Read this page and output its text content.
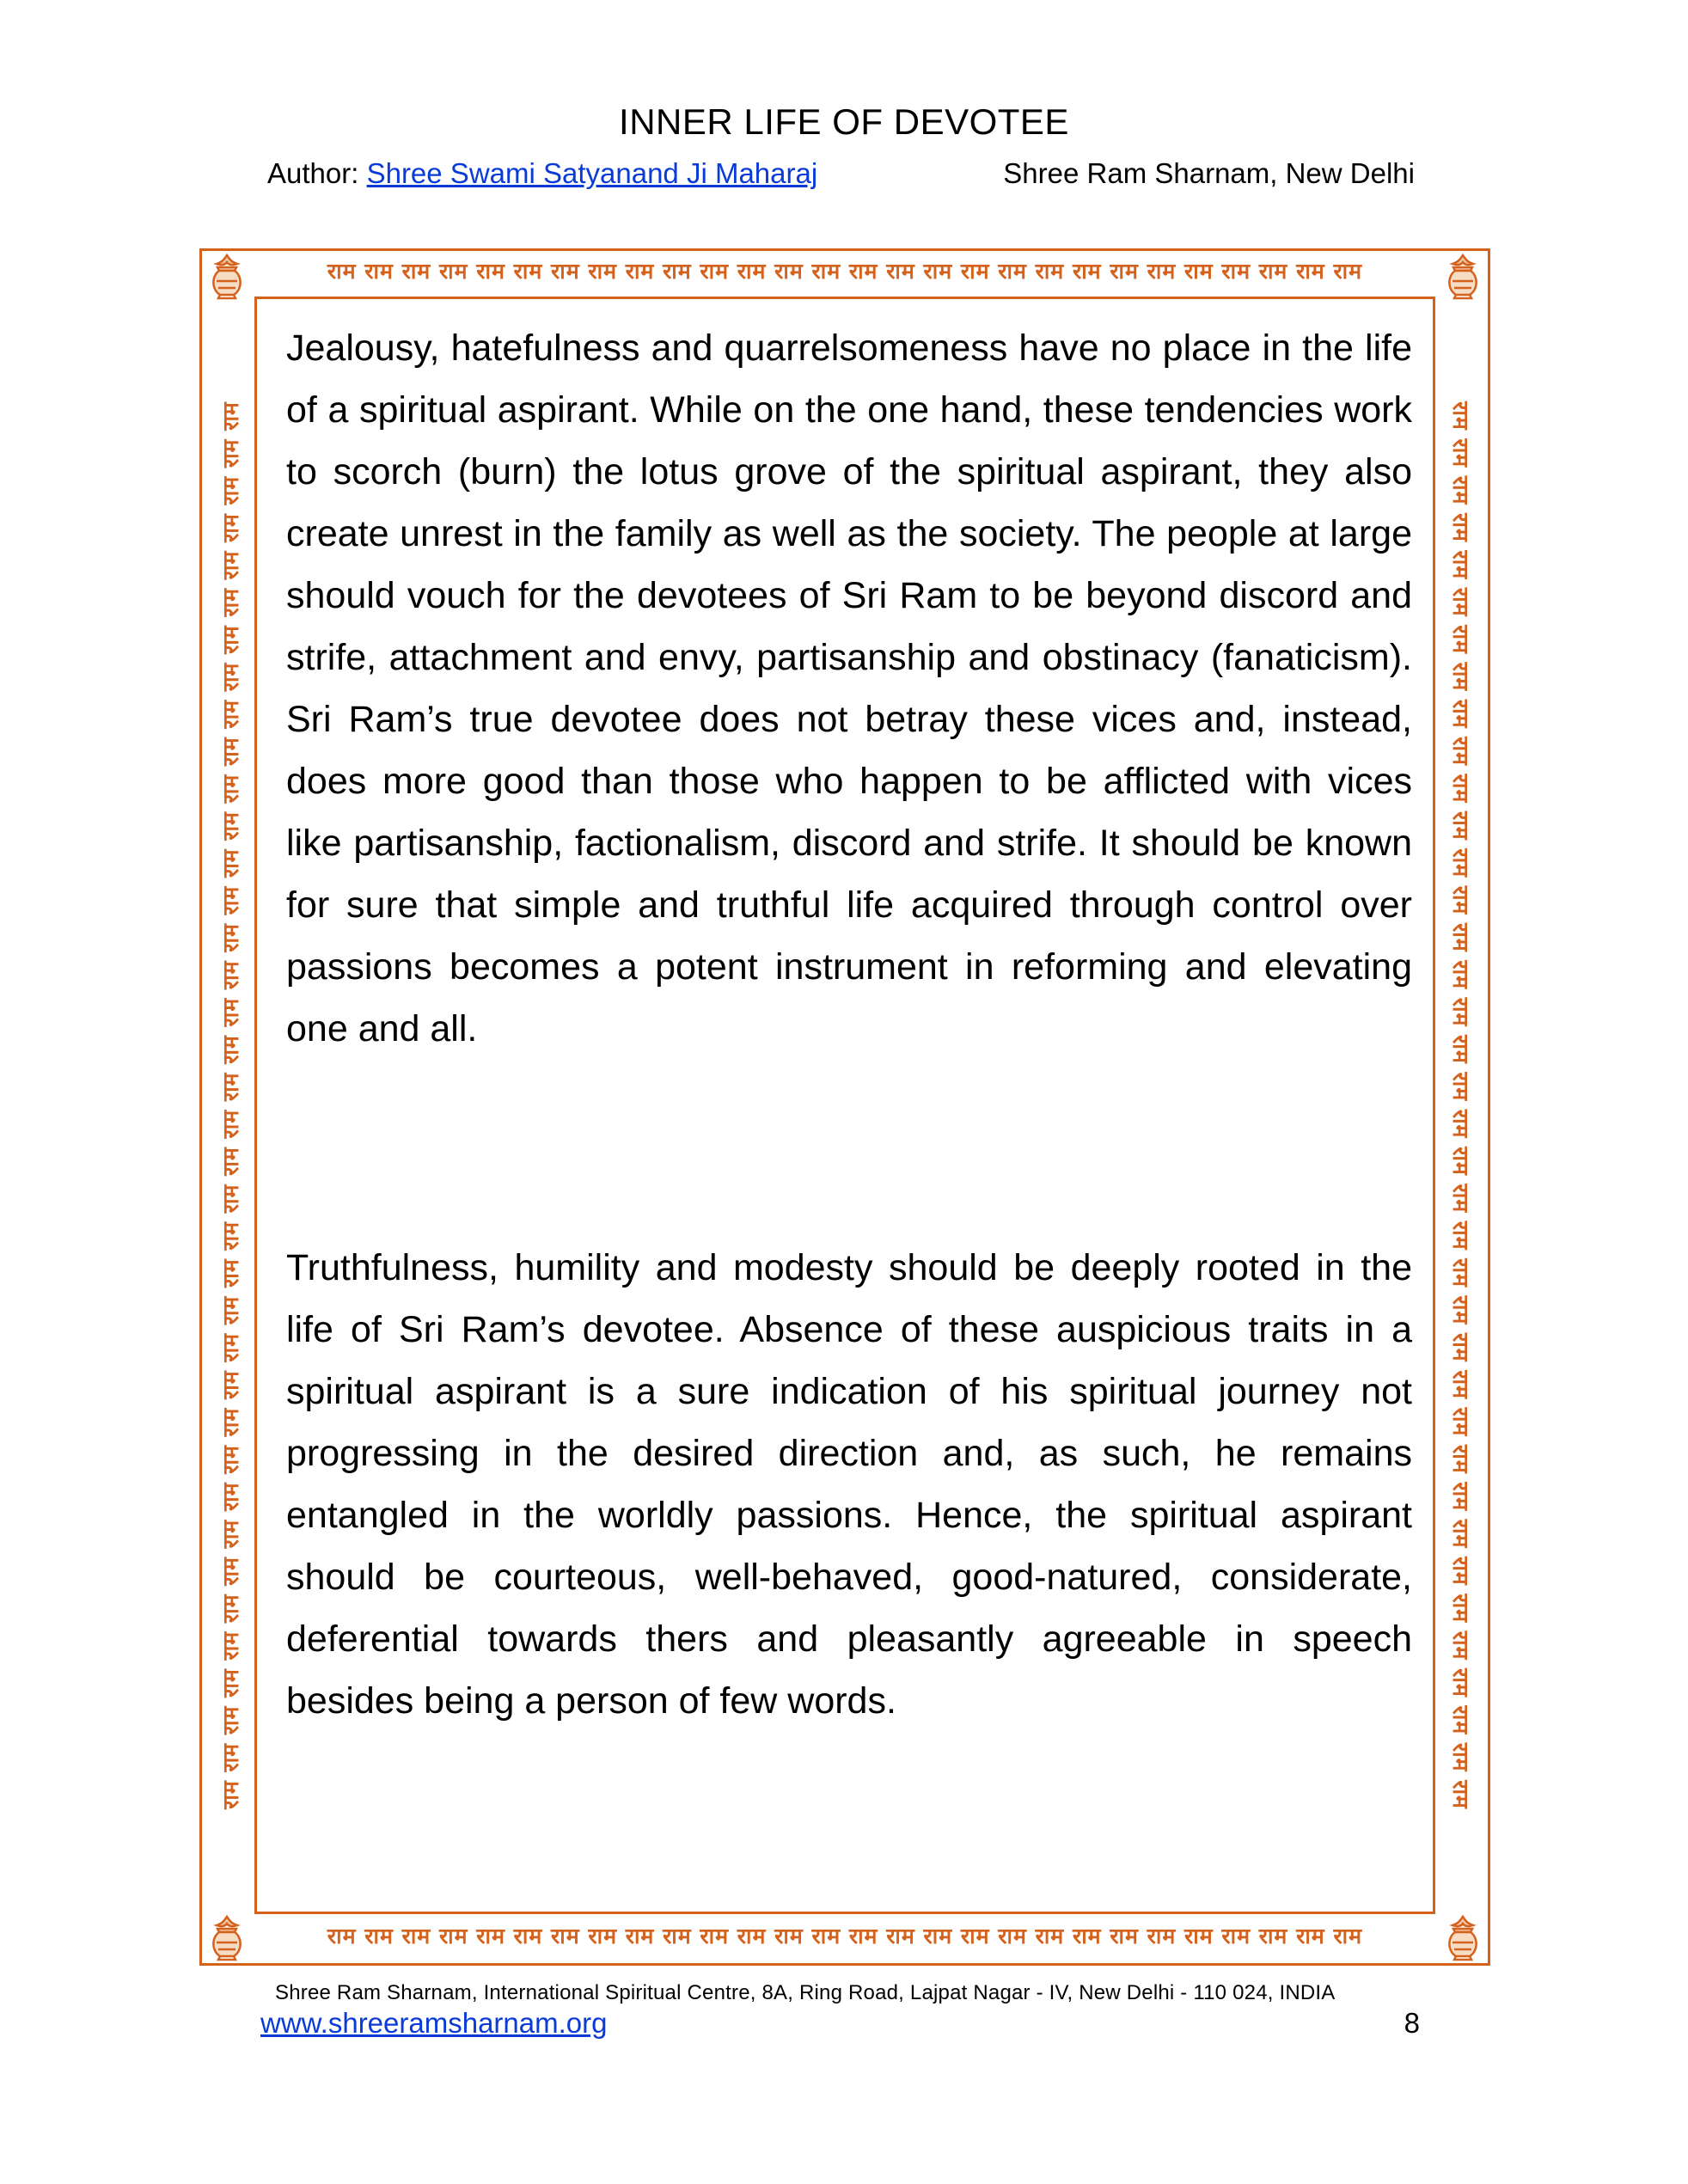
INNER LIFE OF DEVOTEE
Author: Shree Swami Satyanand Ji Maharaj	Shree Ram Sharnam, New Delhi
राम राम राम राम राम राम राम राम राम राम राम राम राम राम राम राम राम राम राम राम राम राम राम राम राम राम राम राम
राम राम राम राम राम राम राम राम राम राम राम राम राम राम राम राम राम राम राम राम राम राम राम राम राम राम राम राम
राम राम राम राम राम राम राम राम राम राम राम राम राम राम राम राम राम राम राम राम राम राम राम राम राम राम राम राम राम राम राम राम राम राम राम राम राम राम	राम राम राम राम राम राम राम राम राम राम राम राम राम राम राम राम राम राम राम राम राम राम राम राम राम राम राम राम राम राम राम राम राम राम राम राम राम राम

Jealousy, hatefulness and quarrelsomeness have no place in the life of a spiritual aspirant. While on the one hand, these tendencies work to scorch (burn) the lotus grove of the spiritual aspirant, they also create unrest in the family as well as the society. The people at large should vouch for the devotees of Sri Ram to be beyond discord and strife, attachment and envy, partisanship and obstinacy (fanaticism). Sri Ram’s true devotee does not betray these vices and, instead, does more good than those who happen to be afflicted with vices like partisanship, factionalism, discord and strife. It should be known for sure that simple and truthful life acquired through control over passions becomes a potent instrument in reforming and elevating one and all.

Truthfulness, humility and modesty should be deeply rooted in the life of Sri Ram’s devotee. Absence of these auspicious traits in a spiritual aspirant is a sure indication of his spiritual journey not progressing in the desired direction and, as such, he remains entangled in the worldly passions. Hence, the spiritual aspirant should be courteous, well-behaved, good-natured, considerate, deferential towards thers and pleasantly agreeable in speech besides being a person of few words.

Shree Ram Sharnam, International Spiritual Centre, 8A, Ring Road, Lajpat Nagar - IV, New Delhi - 110 024, INDIA
www.shreeramsharnam.org	8
